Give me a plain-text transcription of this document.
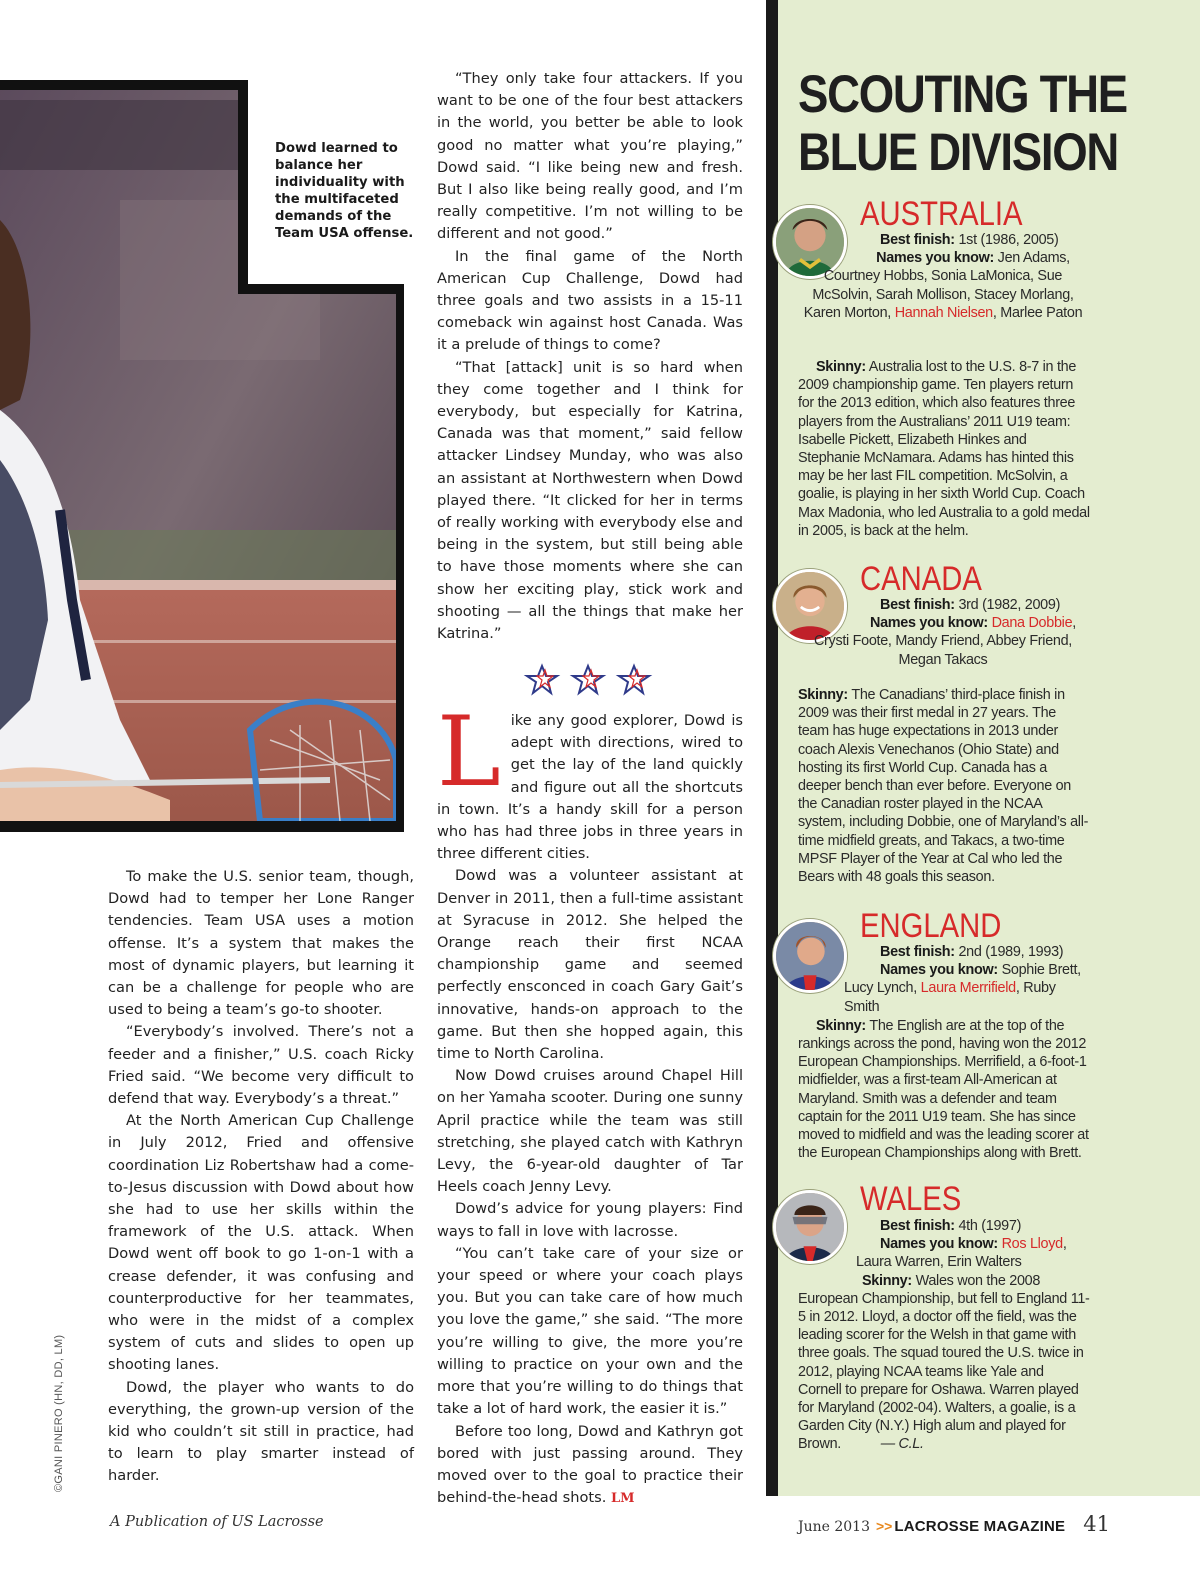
Dowd learned to balance her individuality with the multifaceted demands of the Team USA offense.
©GANI PINERO (HN, DD, LM)

To make the U.S. senior team, though, Dowd had to temper her Lone Ranger tendencies. Team USA uses a motion offense. It’s a system that makes the most of dynamic players, but learning it can be a challenge for people who are used to being a team’s go-to shooter.

“Everybody’s involved. There’s not a feeder and a finisher,” U.S. coach Ricky Fried said. “We become very difficult to defend that way. Everybody’s a threat.”

At the North American Cup Challenge in July 2012, Fried and offensive coordination Liz Robertshaw had a come-to-Jesus discussion with Dowd about how she had to use her skills within the framework of the U.S. attack. When Dowd went off book to go 1-on-1 with a crease defender, it was confusing and counterproductive for her teammates, who were in the midst of a complex system of cuts and slides to open up shooting lanes.

Dowd, the player who wants to do everything, the grown-up version of the kid who couldn’t sit still in practice, had to learn to play smarter instead of harder.

“They only take four attackers. If you want to be one of the four best attackers in the world, you better be able to look good no matter what you’re playing,” Dowd said. “I like being new and fresh. But I also like being really good, and I’m really competitive. I’m not willing to be different and not good.”

In the final game of the North American Cup Challenge, Dowd had three goals and two assists in a 15-11 comeback win against host Canada. Was it a prelude of things to come?

“That [attack] unit is so hard when they come together and I think for everybody, but especially for Katrina, Canada was that moment,” said fellow attacker Lindsey Munday, who was also an assistant at Northwestern when Dowd played there. “It clicked for her in terms of really working with everybody else and being in the system, but still being able to have those moments where she can show her exciting play, stick work and shooting — all the things that make her Katrina.”

Like any good explorer, Dowd is adept with directions, wired to get the lay of the land quickly and figure out all the shortcuts in town. It’s a handy skill for a person who has had three jobs in three years in three different cities.

Dowd was a volunteer assistant at Denver in 2011, then a full-time assistant at Syracuse in 2012. She helped the Orange reach their first NCAA championship game and seemed perfectly ensconced in coach Gary Gait’s innovative, hands-on approach to the game. But then she hopped again, this time to North Carolina.

Now Dowd cruises around Chapel Hill on her Yamaha scooter. During one sunny April practice while the team was still stretching, she played catch with Kathryn Levy, the 6-year-old daughter of Tar Heels coach Jenny Levy.

Dowd’s advice for young players: Find ways to fall in love with lacrosse.

“You can’t take care of your size or your speed or where your coach plays you. But you can take care of how much you love the game,” she said. “The more you’re willing to give, the more you’re willing to practice on your own and the more that you’re willing to do things that take a lot of hard work, the easier it is.”

Before too long, Dowd and Kathryn got bored with just passing around. They moved over to the goal to practice their behind-the-head shots. LM

SCOUTING THE
BLUE DIVISION
AUSTRALIA
Best finish: 1st (1986, 2005)
Names you know: Jen Adams, Courtney Hobbs, Sonia LaMonica, Sue McSolvin, Sarah Mollison, Stacey Morlang, Karen Morton, Hannah Nielsen, Marlee Paton
Skinny: Australia lost to the U.S. 8-7 in the 2009 championship game. Ten players return for the 2013 edition, which also features three players from the Australians’ 2011 U19 team: Isabelle Pickett, Elizabeth Hinkes and Stephanie McNamara. Adams has hinted this may be her last FIL competition. McSolvin, a goalie, is playing in her sixth World Cup. Coach Max Madonia, who led Australia to a gold medal in 2005, is back at the helm.
CANADA
Best finish: 3rd (1982, 2009)
Names you know: Dana Dobbie, Crysti Foote, Mandy Friend, Abbey Friend, Megan Takacs
Skinny: The Canadians’ third-place finish in 2009 was their first medal in 27 years. The team has huge expectations in 2013 under coach Alexis Venechanos (Ohio State) and hosting its first World Cup. Canada has a deeper bench than ever before. Everyone on the Canadian roster played in the NCAA system, including Dobbie, one of Maryland’s all-time midfield greats, and Takacs, a two-time MPSF Player of the Year at Cal who led the Bears with 48 goals this season.
ENGLAND
Best finish: 2nd (1989, 1993)
Names you know: Sophie Brett, Lucy Lynch, Laura Merrifield, Ruby Smith
Skinny: The English are at the top of the rankings across the pond, having won the 2012 European Championships. Merrifield, a 6-foot-1 midfielder, was a first-team All-American at Maryland. Smith was a defender and team captain for the 2011 U19 team. She has since moved to midfield and was the leading scorer at the European Championships along with Brett.
WALES
Best finish: 4th (1997)
Names you know: Ros Lloyd, Laura Warren, Erin Walters
Skinny: Wales won the 2008 European Championship, but fell to England 11-5 in 2012. Lloyd, a doctor off the field, was the leading scorer for the Welsh in that game with three goals. The squad toured the U.S. twice in 2012, playing NCAA teams like Yale and Cornell to prepare for Oshawa. Warren played for Maryland (2002-04). Walters, a goalie, is a Garden City (N.Y.) High alum and played for Brown.	— C.L.
A Publication of US Lacrosse	June 2013 >> LACROSSE MAGAZINE 41
